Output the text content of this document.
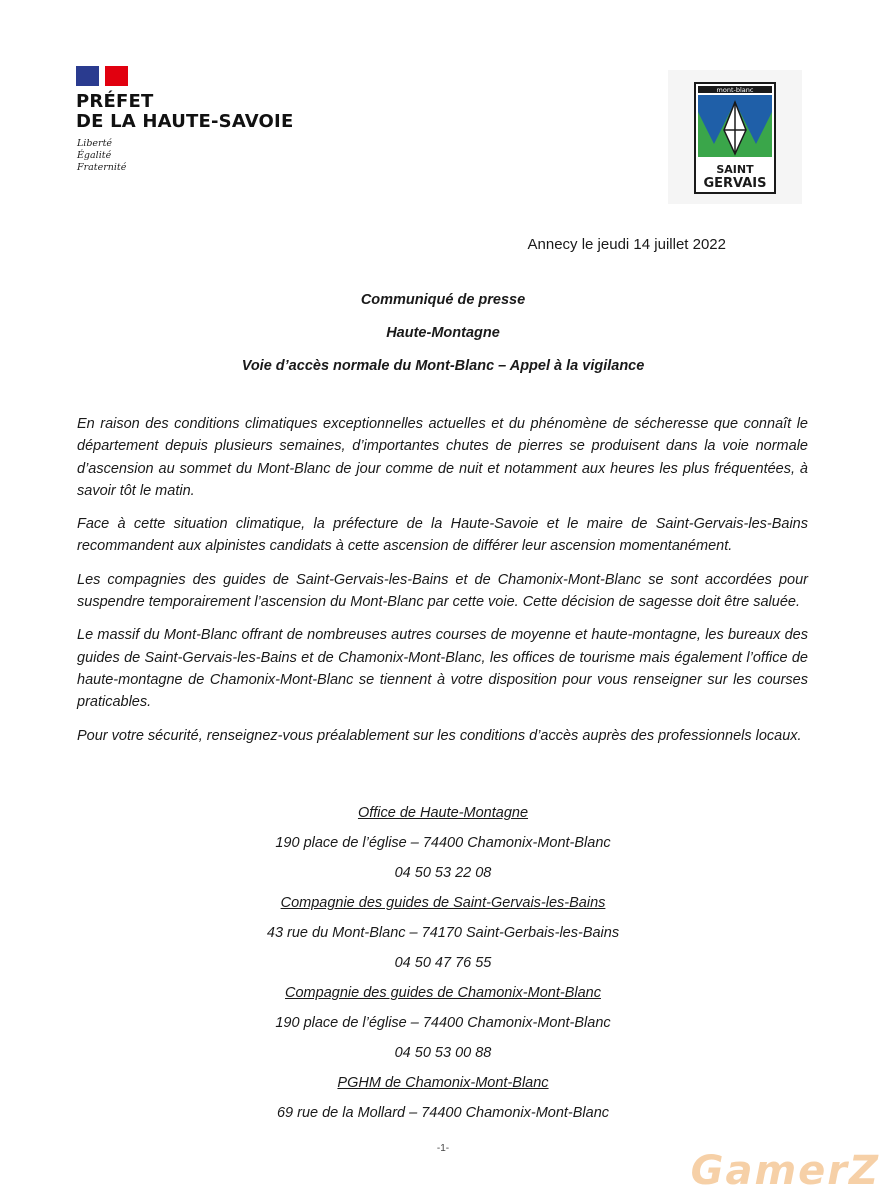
PRÉFET
DE LA HAUTE-SAVOIE
Liberté
Égalité
Fraternité
mont-blanc
SAINT
GERVAIS
Annecy le jeudi 14 juillet 2022
Communiqué de presse
Haute-Montagne
Voie d’accès normale du Mont-Blanc – Appel à la vigilance

En raison des conditions climatiques exceptionnelles actuelles et du phénomène de sécheresse que connaît le département depuis plusieurs semaines, d’importantes chutes de pierres se produisent dans la voie normale d’ascension au sommet du Mont-Blanc de jour comme de nuit et notamment aux heures les plus fréquentées, à savoir tôt le matin.

Face à cette situation climatique, la préfecture de la Haute-Savoie et le maire de Saint-Gervais-les-Bains recommandent aux alpinistes candidats à cette ascension de différer leur ascension momentanément.

Les compagnies des guides de Saint-Gervais-les-Bains et de Chamonix-Mont-Blanc se sont accordées pour suspendre temporairement l’ascension du Mont-Blanc par cette voie. Cette décision de sagesse doit être saluée.

Le massif du Mont-Blanc offrant de nombreuses autres courses de moyenne et haute-montagne, les bureaux des guides de Saint-Gervais-les-Bains et de Chamonix-Mont-Blanc, les offices de tourisme mais également l’office de haute-montagne de Chamonix-Mont-Blanc se tiennent à votre disposition pour vous renseigner sur les courses praticables.

Pour votre sécurité, renseignez-vous préalablement sur les conditions d’accès auprès des professionnels locaux.

Office de Haute-Montagne
190 place de l’église – 74400 Chamonix-Mont-Blanc
04 50 53 22 08
Compagnie des guides de Saint-Gervais-les-Bains
43 rue du Mont-Blanc – 74170 Saint-Gerbais-les-Bains
04 50 47 76 55
Compagnie des guides de Chamonix-Mont-Blanc
190 place de l’église – 74400 Chamonix-Mont-Blanc
04 50 53 00 88
PGHM de Chamonix-Mont-Blanc
69 rue de la Mollard – 74400 Chamonix-Mont-Blanc
-1-	GamerZ
